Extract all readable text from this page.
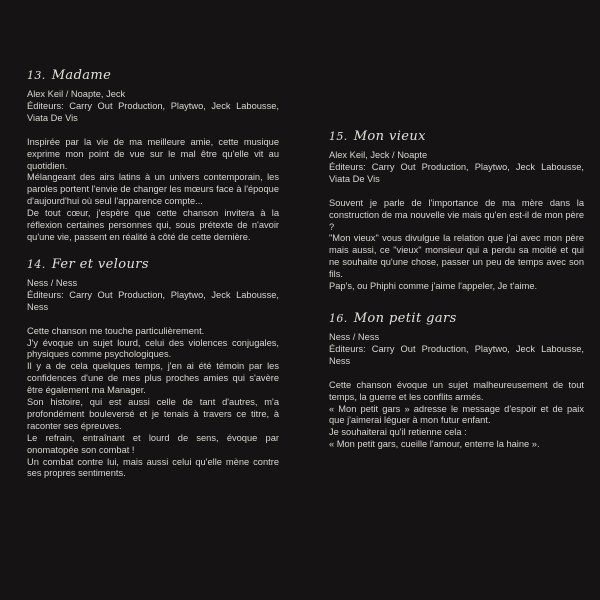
13. Madame

Alex Keil / Noapte, Jeck

Éditeurs: Carry Out Production, Playtwo, Jeck Labousse, Viata De Vis

Inspirée par la vie de ma meilleure amie, cette musique exprime mon point de vue sur le mal être qu'elle vit au quotidien.

Mélangeant des airs latins à un univers contemporain, les paroles portent l'envie de changer les mœurs face à l'époque d'aujourd'hui où seul l'apparence compte...

De tout cœur, j'espère que cette chanson invitera à la réflexion certaines personnes qui, sous prétexte de n'avoir qu'une vie, passent en réalité à côté de cette dernière.

14. Fer et velours

Ness / Ness

Éditeurs: Carry Out Production, Playtwo, Jeck Labousse, Ness

Cette chanson me touche particulièrement.

J'y évoque un sujet lourd, celui des violences conjugales, physiques comme psychologiques.

Il y a de cela quelques temps, j'en ai été témoin par les confidences d'une de mes plus proches amies qui s'avère être également ma Manager.

Son histoire, qui est aussi celle de tant d'autres, m'a profondément bouleversé et je tenais à travers ce titre, à raconter ses épreuves.

Le refrain, entraînant et lourd de sens, évoque par onomatopée son combat !

Un combat contre lui, mais aussi celui qu'elle mène contre ses propres sentiments.

15. Mon vieux

Alex Keil, Jeck / Noapte

Éditeurs: Carry Out Production, Playtwo, Jeck Labousse, Viata De Vis

Souvent je parle de l'importance de ma mère dans la construction de ma nouvelle vie mais qu'en est-il de mon père ?

"Mon vieux" vous divulgue la relation que j'ai avec mon père mais aussi, ce "vieux" monsieur qui a perdu sa moitié et qui ne souhaite qu'une chose, passer un peu de temps avec son fils.

Pap's, ou Phiphi comme j'aime l'appeler, Je t'aime.

16. Mon petit gars

Ness / Ness

Éditeurs: Carry Out Production, Playtwo, Jeck Labousse, Ness

Cette chanson évoque un sujet malheureusement de tout temps, la guerre et les conflits armés.

« Mon petit gars » adresse le message d'espoir et de paix que j'aimerai léguer à mon futur enfant.

Je souhaiterai qu'il retienne cela :

« Mon petit gars, cueille l'amour, enterre la haine ».
